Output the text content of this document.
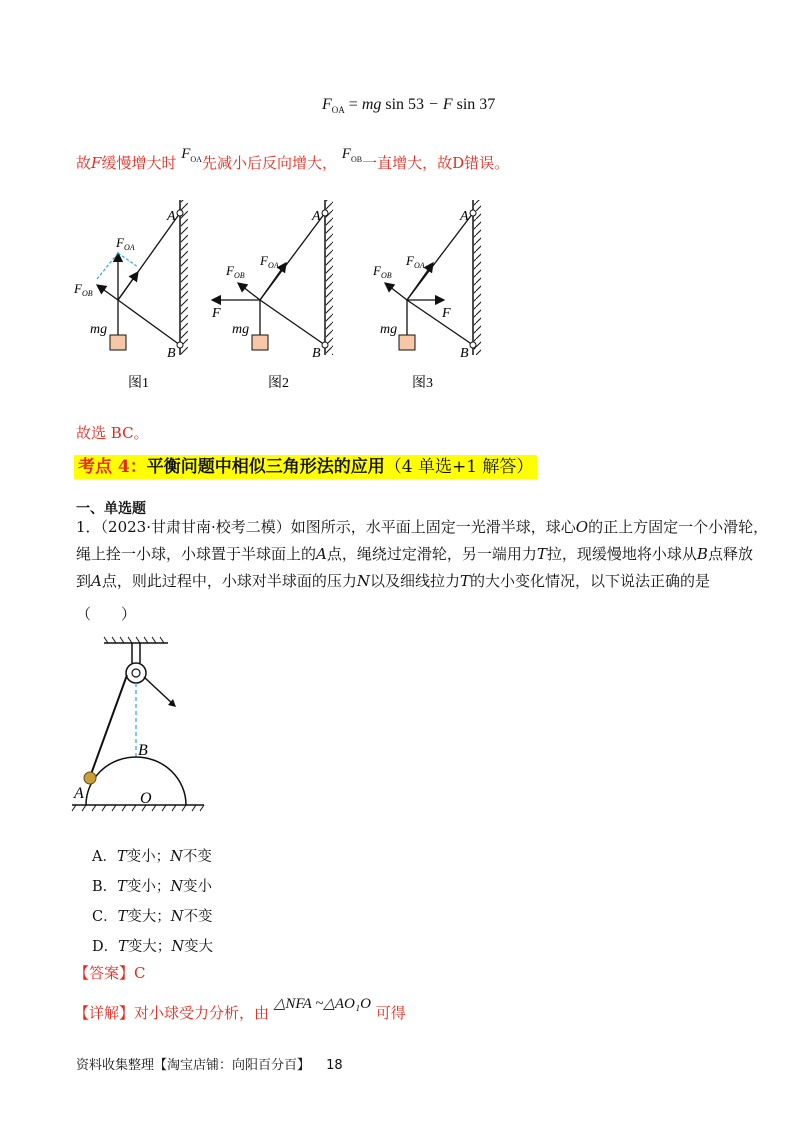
$F_{OA}$ = mg sin 53 − F sin 37
故F缓慢增大时 $F_{OA}$先减小后反向增大， $F_{OB}$一直增大，故D错误。
A
B
$F_{OA}$
$F_{OB}$
mg
图1
A
B
$F_{OA}$
$F_{OB}$
F
mg
图2
A
B
$F_{OA}$
$F_{OB}$
F
mg
图3
故选 BC。
考点 4：平衡问题中相似三角形法的应用（4 单选+1 解答）
一、单选题
1．（2023·甘肃甘南·校考二模）如图所示，水平面上固定一光滑半球，球心O的正上方固定一个小滑轮，
绳上拴一小球，小球置于半球面上的A点，绳绕过定滑轮，另一端用力T拉，现缓慢地将小球从B点释放
到A点，则此过程中，小球对半球面的压力N以及细线拉力T的大小变化情况，以下说法正确的是
（　　）
B
A	O
A．T变小；N不变
B．T变小；N变小
C．T变大；N不变
D．T变大；N变大
【答案】C
【详解】对小球受力分析，由 △NFA ~△AO₁O 可得
资料收集整理【淘宝店铺：向阳百分百】 18
